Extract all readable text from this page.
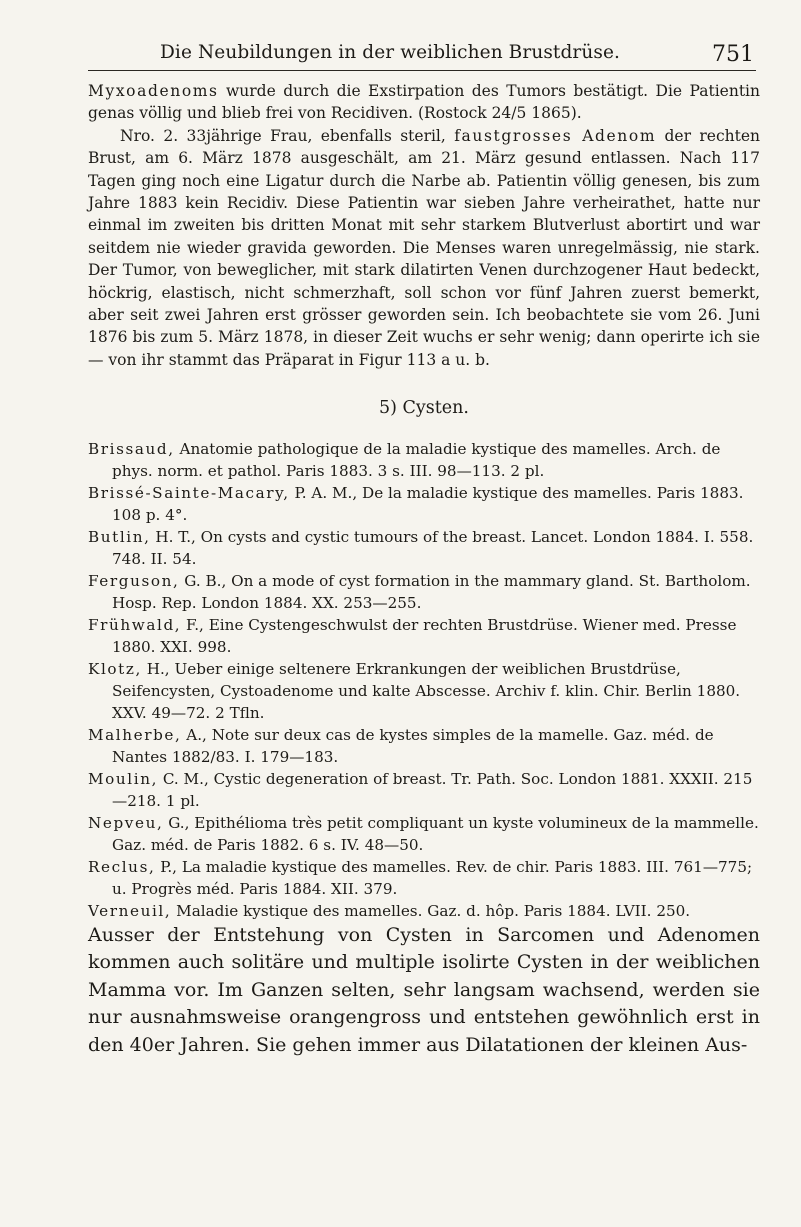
Die Neubildungen in der weiblichen Brustdrüse.	751

Myxoadenoms wurde durch die Exstirpation des Tumors bestätigt. Die Patientin genas völlig und blieb frei von Recidiven. (Rostock 24/5 1865).

Nro. 2. 33jährige Frau, ebenfalls steril, faustgrosses Adenom der rechten Brust, am 6. März 1878 ausgeschält, am 21. März gesund entlassen. Nach 117 Tagen ging noch eine Ligatur durch die Narbe ab. Patientin völlig genesen, bis zum Jahre 1883 kein Recidiv. Diese Patientin war sieben Jahre verheirathet, hatte nur einmal im zweiten bis dritten Monat mit sehr starkem Blutverlust abortirt und war seitdem nie wieder gravida geworden. Die Menses waren unregelmässig, nie stark. Der Tumor, von beweglicher, mit stark dilatirten Venen durchzogener Haut bedeckt, höckrig, elastisch, nicht schmerzhaft, soll schon vor fünf Jahren zuerst bemerkt, aber seit zwei Jahren erst grösser geworden sein. Ich beobachtete sie vom 26. Juni 1876 bis zum 5. März 1878, in dieser Zeit wuchs er sehr wenig; dann operirte ich sie — von ihr stammt das Präparat in Figur 113 a u. b.

5) Cysten.

Brissaud, Anatomie pathologique de la maladie kystique des mamelles. Arch. de phys. norm. et pathol. Paris 1883. 3 s. III. 98—113. 2 pl.

Brissé-Sainte-Macary, P. A. M., De la maladie kystique des mamelles. Paris 1883. 108 p. 4°.

Butlin, H. T., On cysts and cystic tumours of the breast. Lancet. London 1884. I. 558. 748. II. 54.

Ferguson, G. B., On a mode of cyst formation in the mammary gland. St. Bartholom. Hosp. Rep. London 1884. XX. 253—255.

Frühwald, F., Eine Cystengeschwulst der rechten Brustdrüse. Wiener med. Presse 1880. XXI. 998.

Klotz, H., Ueber einige seltenere Erkrankungen der weiblichen Brustdrüse, Seifencysten, Cystoadenome und kalte Abscesse. Archiv f. klin. Chir. Berlin 1880. XXV. 49—72. 2 Tfln.

Malherbe, A., Note sur deux cas de kystes simples de la mamelle. Gaz. méd. de Nantes 1882/83. I. 179—183.

Moulin, C. M., Cystic degeneration of breast. Tr. Path. Soc. London 1881. XXXII. 215—218. 1 pl.

Nepveu, G., Epithélioma très petit compliquant un kyste volumineux de la mammelle. Gaz. méd. de Paris 1882. 6 s. IV. 48—50.

Reclus, P., La maladie kystique des mamelles. Rev. de chir. Paris 1883. III. 761—775; u. Progrès méd. Paris 1884. XII. 379.

Verneuil, Maladie kystique des mamelles. Gaz. d. hôp. Paris 1884. LVII. 250.

Ausser der Entstehung von Cysten in Sarcomen und Adenomen kommen auch solitäre und multiple isolirte Cysten in der weiblichen Mamma vor. Im Ganzen selten, sehr langsam wachsend, werden sie nur ausnahmsweise orangengross und entstehen gewöhnlich erst in den 40er Jahren. Sie gehen immer aus Dilatationen der kleinen Aus-
